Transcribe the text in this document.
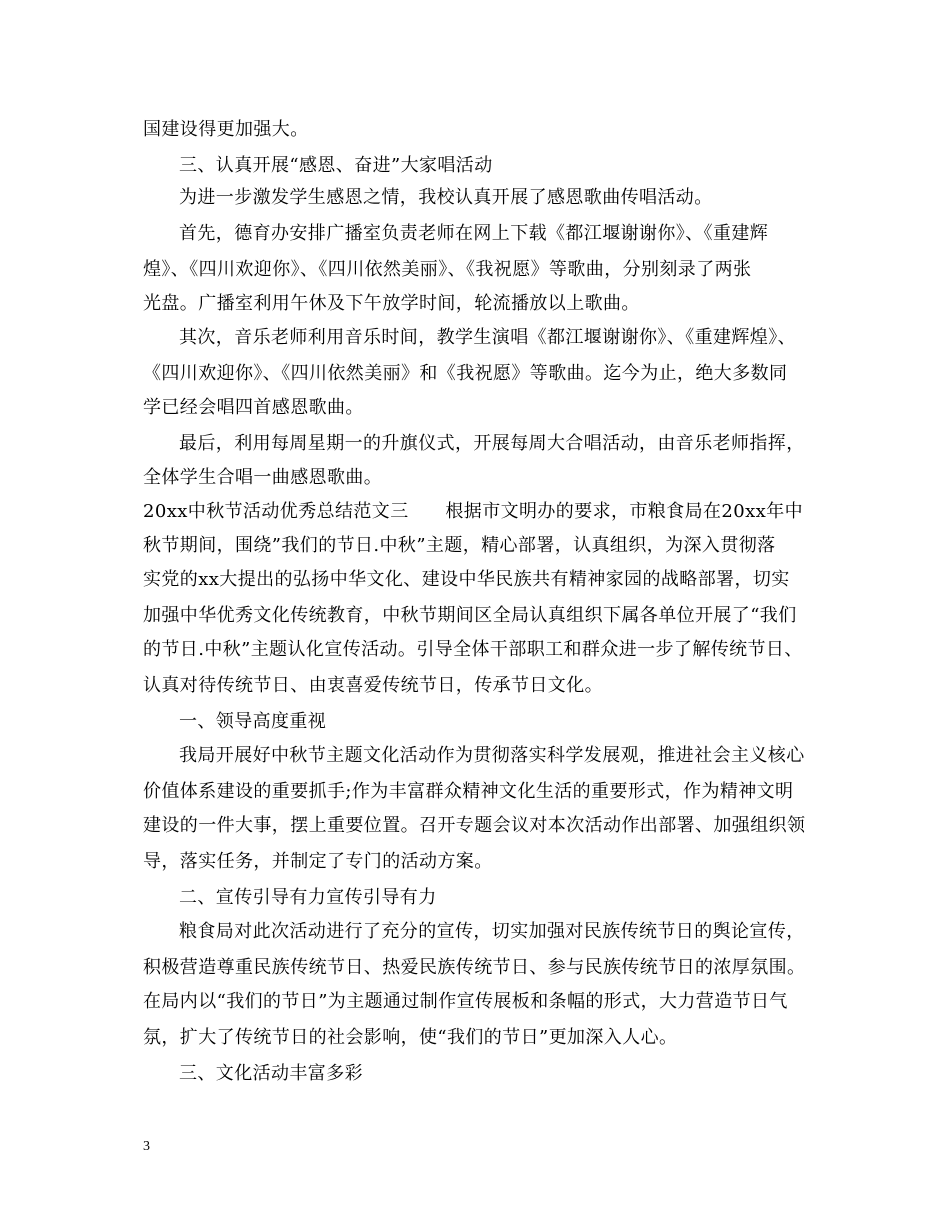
国建设得更加强大。
三、认真开展“感恩、奋进”大家唱活动
为进一步激发学生感恩之情，我校认真开展了感恩歌曲传唱活动。
首先，德育办安排广播室负责老师在网上下载《都江堰谢谢你》、《重建辉
煌》、《四川欢迎你》、《四川依然美丽》、《我祝愿》等歌曲，分别刻录了两张
光盘。广播室利用午休及下午放学时间，轮流播放以上歌曲。
其次，音乐老师利用音乐时间，教学生演唱《都江堰谢谢你》、《重建辉煌》、
《四川欢迎你》、《四川依然美丽》和《我祝愿》等歌曲。迄今为止，绝大多数同
学已经会唱四首感恩歌曲。
最后，利用每周星期一的升旗仪式，开展每周大合唱活动，由音乐老师指挥，
全体学生合唱一曲感恩歌曲。
20xx中秋节活动优秀总结范文三　　根据市文明办的要求，市粮食局在20xx年中
秋节期间，围绕”我们的节日.中秋”主题，精心部署，认真组织，为深入贯彻落
实党的xx大提出的弘扬中华文化、建设中华民族共有精神家园的战略部署，切实
加强中华优秀文化传统教育，中秋节期间区全局认真组织下属各单位开展了“我们
的节日.中秋”主题认化宣传活动。引导全体干部职工和群众进一步了解传统节日、
认真对待传统节日、由衷喜爱传统节日，传承节日文化。
一、领导高度重视
我局开展好中秋节主题文化活动作为贯彻落实科学发展观，推进社会主义核心
价值体系建设的重要抓手;作为丰富群众精神文化生活的重要形式，作为精神文明
建设的一件大事，摆上重要位置。召开专题会议对本次活动作出部署、加强组织领
导，落实任务，并制定了专门的活动方案。
二、宣传引导有力宣传引导有力
粮食局对此次活动进行了充分的宣传，切实加强对民族传统节日的舆论宣传，
积极营造尊重民族传统节日、热爱民族传统节日、参与民族传统节日的浓厚氛围。
在局内以“我们的节日”为主题通过制作宣传展板和条幅的形式，大力营造节日气
氛，扩大了传统节日的社会影响，使“我们的节日”更加深入人心。
三、文化活动丰富多彩
3
